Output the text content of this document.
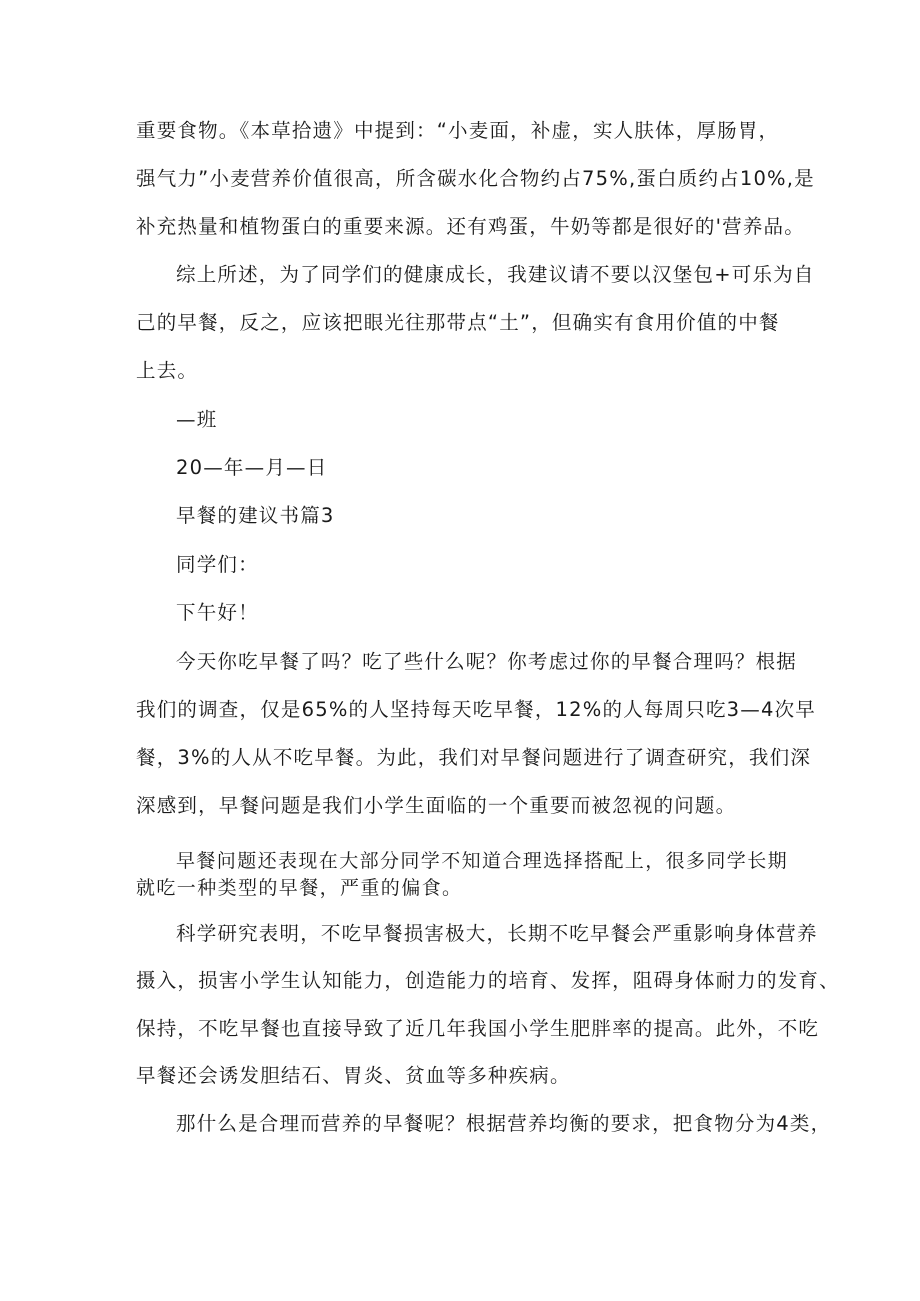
重要食物。《本草拾遗》中提到：“小麦面，补虚，实人肤体，厚肠胃，
强气力”小麦营养价值很高，所含碳水化合物约占75%,蛋白质约占10%,是
补充热量和植物蛋白的重要来源。还有鸡蛋，牛奶等都是很好的'营养品。
综上所述，为了同学们的健康成长，我建议请不要以汉堡包+可乐为自
己的早餐，反之，应该把眼光往那带点“土”，但确实有食用价值的中餐
上去。
—班
20—年—月—日
早餐的建议书篇3
同学们：
下午好！
今天你吃早餐了吗？吃了些什么呢？你考虑过你的早餐合理吗？根据
我们的调查，仅是65%的人坚持每天吃早餐，12%的人每周只吃3—4次早
餐，3%的人从不吃早餐。为此，我们对早餐问题进行了调查研究，我们深
深感到，早餐问题是我们小学生面临的一个重要而被忽视的问题。
早餐问题还表现在大部分同学不知道合理选择搭配上，很多同学长期
就吃一种类型的早餐，严重的偏食。
科学研究表明，不吃早餐损害极大，长期不吃早餐会严重影响身体营养
摄入，损害小学生认知能力，创造能力的培育、发挥，阻碍身体耐力的发育、
保持，不吃早餐也直接导致了近几年我国小学生肥胖率的提高。此外，不吃
早餐还会诱发胆结石、胃炎、贫血等多种疾病。
那什么是合理而营养的早餐呢？根据营养均衡的要求，把食物分为4类，
